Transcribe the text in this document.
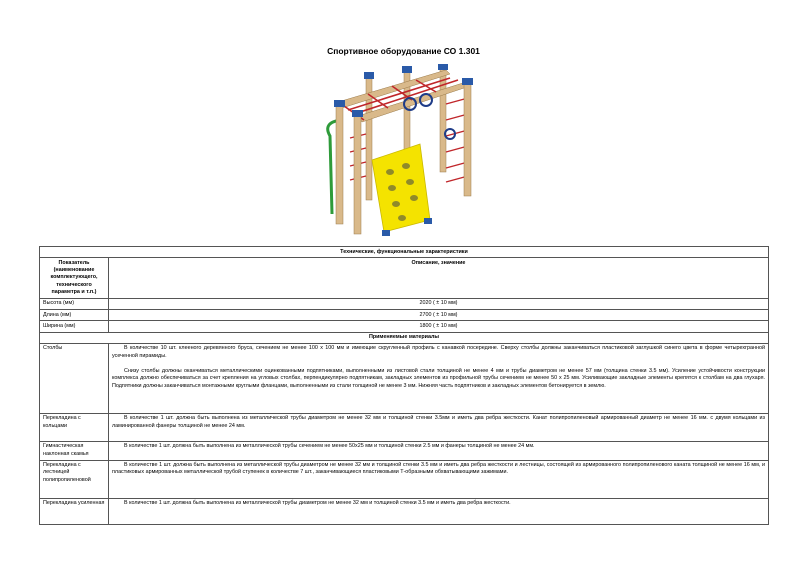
Спортивное оборудование СО 1.301
Технические, функциональные характеристики	
Показатель (наименование комплектующего, технического параметра и т.п.)	Описание, значение
Высота (мм)	2020 ( ± 10 мм)
Длина (мм)	2700 ( ± 10 мм)
Ширина (мм)	1800 ( ± 10 мм)
Применяемые материалы	
Столбы	В количестве 10 шт. клееного деревянного бруса, сечением не менее 100 х 100 мм и имеющие скругленный профиль с канавкой посередине. Сверху столбы должны заканчиваться пластиковой заглушкой синего цвета в форме четырехгранной усеченной пирамиды.

Снизу столбы должны оканчиваться металлическими оцинкованными подпятниками, выполненными из листовой стали толщиной не менее 4 мм и трубы диаметром не менее 57 мм (толщина стенки 3.5 мм). Усиление устойчивости конструкции комплекса должно обеспечиваться за счет крепления на угловых столбах, перпендикулярно подпятникам, закладных элементов из профильной трубы сечением не менее 50 х 25 мм. Усиливающие закладные элементы крепятся к столбам на два глухаря. Подпятники должны заканчиваться монтажными круглыми фланцами, выполненными из стали толщиной не менее 3 мм. Нижняя часть подпятников и закладных элементов бетонируется в землю.

Перекладина с кольцами	В количестве 1 шт. должна быть выполнена из металлической трубы диаметром не менее 32 мм и толщиной стенки 3.5мм и иметь два ребра жесткости. Канат полипропиленовый армированный диаметр не менее 16 мм. с двумя кольцами из ламинированной фанеры толщиной не менее 24 мм.

Гимнастическая наклонная скамья	В количестве 1 шт. должна быть выполнена из металлической трубы сечением не менее 50х25 мм и толщиной стенки 2.5 мм и фанеры толщиной не менее 24 мм.

Перекладина с лестницей полипропиленовой	В количестве 1 шт. должна быть выполнена из металлической трубы диаметром не менее 32 мм и толщиной стенки 3.5 мм и иметь два ребра жесткости и лестницы, состоящей из армированного полипропиленового каната толщиной не менее 16 мм, и пластиковых армированных металлической трубой ступенек в количестве 7 шт., заканчивающиеся пластиковыми Т-образными обхватывающими зажимами.

Перекладина усиленная	В количестве 1 шт. должна быть выполнена из металлической трубы диаметром не менее 32 мм и толщиной стенки 3.5 мм и иметь два ребра жесткости.
